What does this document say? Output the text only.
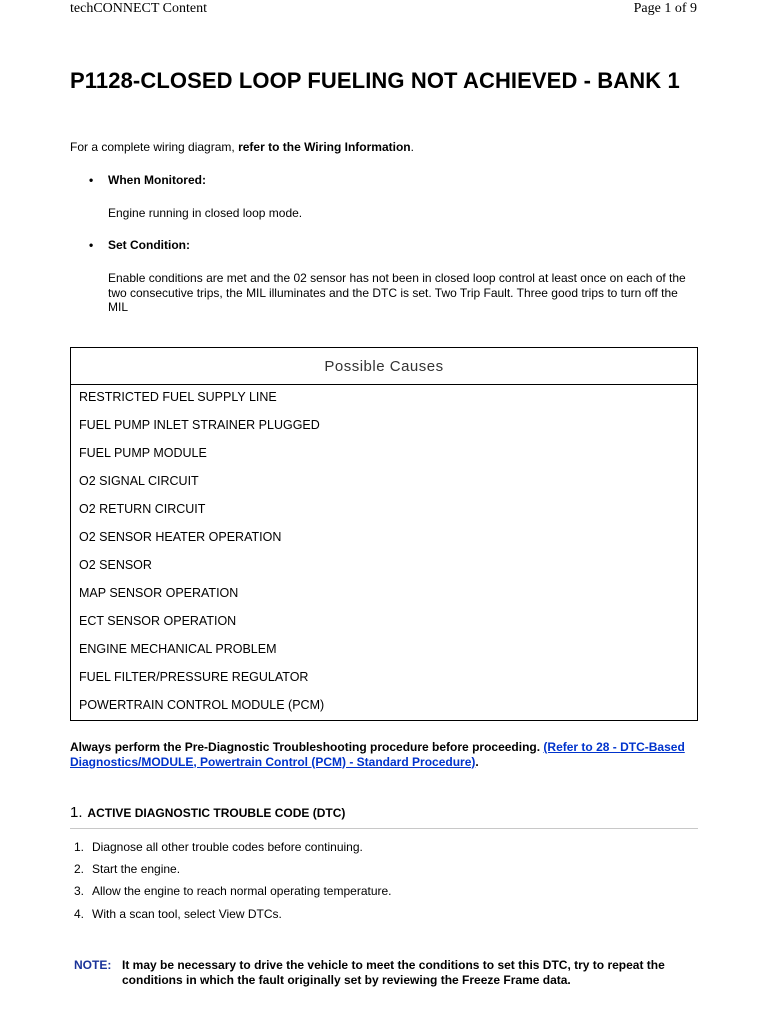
techCONNECT Content	Page 1 of 9
P1128-CLOSED LOOP FUELING NOT ACHIEVED - BANK 1

For a complete wiring diagram, refer to the Wiring Information.

• When Monitored:
Engine running in closed loop mode.
• Set Condition:
Enable conditions are met and the 02 sensor has not been in closed loop control at least once on each of the two consecutive trips, the MIL illuminates and the DTC is set. Two Trip Fault. Three good trips to turn off the MIL
Possible Causes
RESTRICTED FUEL SUPPLY LINE
FUEL PUMP INLET STRAINER PLUGGED
FUEL PUMP MODULE
O2 SIGNAL CIRCUIT
O2 RETURN CIRCUIT
O2 SENSOR HEATER OPERATION
O2 SENSOR
MAP SENSOR OPERATION
ECT SENSOR OPERATION
ENGINE MECHANICAL PROBLEM
FUEL FILTER/PRESSURE REGULATOR
POWERTRAIN CONTROL MODULE (PCM)

Always perform the Pre-Diagnostic Troubleshooting procedure before proceeding. (Refer to 28 - DTC-Based Diagnostics/MODULE, Powertrain Control (PCM) - Standard Procedure).

1. ACTIVE DIAGNOSTIC TROUBLE CODE (DTC)
1. Diagnose all other trouble codes before continuing.
2. Start the engine.
3. Allow the engine to reach normal operating temperature.
4. With a scan tool, select View DTCs.
NOTE: It may be necessary to drive the vehicle to meet the conditions to set this DTC, try to repeat the conditions in which the fault originally set by reviewing the Freeze Frame data.
